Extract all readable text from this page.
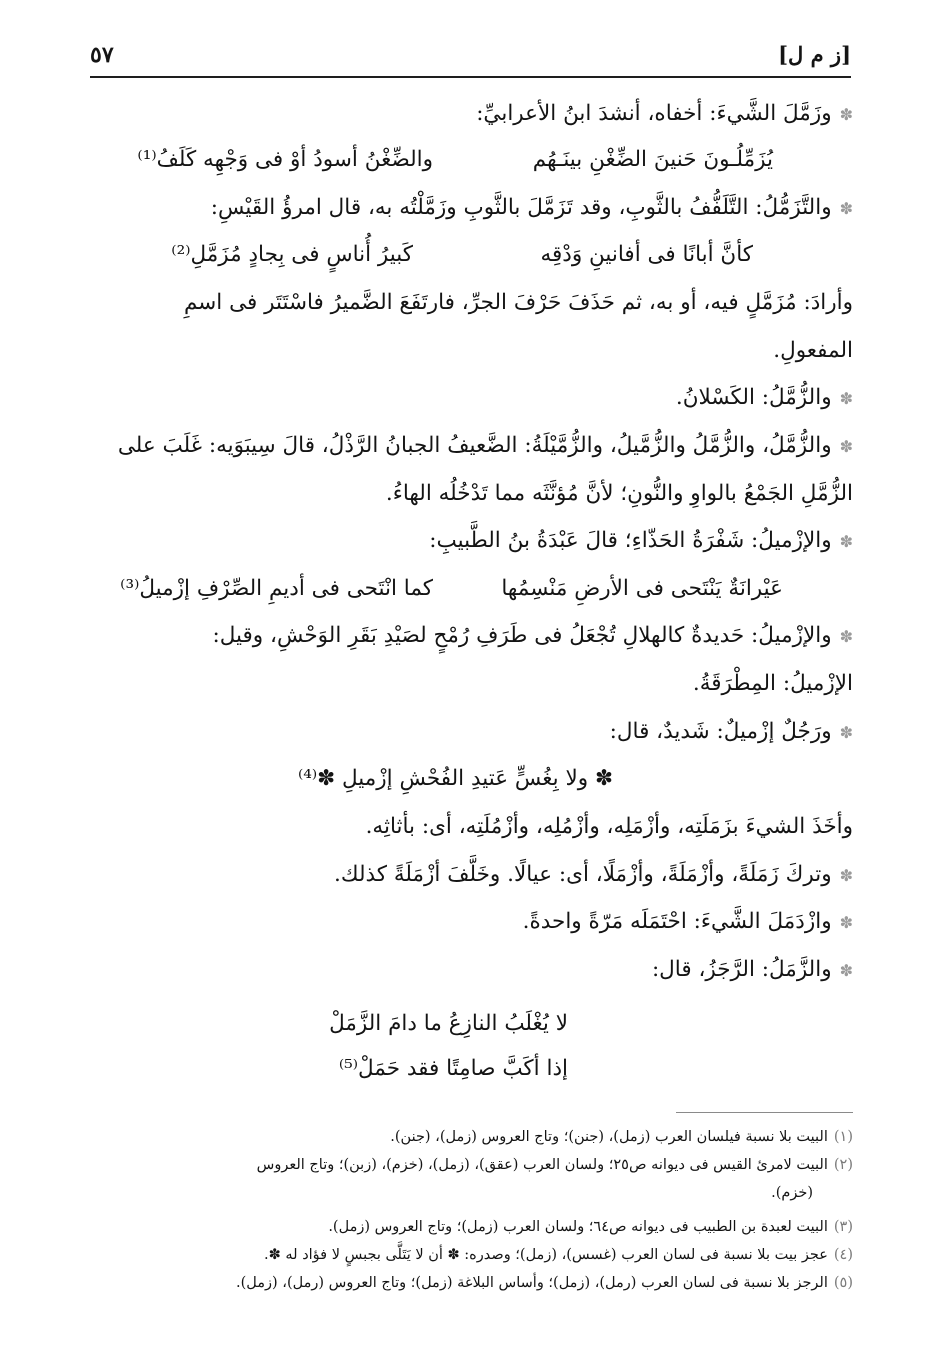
٥٧	[ز م ل]
✽وزَمَّلَ الشَّيءَ: أخفاه، أنشدَ ابنُ الأعرابيِّ:
والضِّغْنُ أسودُ أوْ فى وَجْهِه كَلَفُ⁽¹⁾	يُزَمِّلُـونَ حَنينَ الضِّغْنِ بينَـهُم
✽والتَّزَمُّلُ: التَّلَفُّفُ بالثَّوبِ، وقد تَزَمَّلَ بالثَّوبِ وزَمَّلْتُه به، قال امرؤُ القَيْسِ:
كَبيرُ أُناسٍ فى بِجادٍ مُزَمَّلِ⁽²⁾	كأنَّ أبانًا فى أفانينِ وَدْقِه
وأرادَ: مُزَمَّلٍ فيه، أو به، ثم حَذَفَ حَرْفَ الجرِّ، فارتَفَعَ الضَّميرُ فاسْتَتَر فى اسمِ
المفعولِ.
✽والزُّمَّلُ: الكَسْلانُ.
✽والزُّمَّلُ، والزُّمَّلُ والزُّمَّيلُ، والزُّمَّيْلَةُ: الضَّعيفُ الجبانُ الرَّذْلُ، قالَ سِيبَوَيه: غَلَبَ على
الزُّمَّلِ الجَمْعُ بالواوِ والنُّونِ؛ لأنَّ مُؤنَّثَه مما تَدْخُلُه الهاءُ.
✽والإزْميلُ: شَفْرَةُ الحَذّاءِ؛ قالَ عَبْدَةُ بنُ الطَّبيبِ:
كما انْتَحى فى أديمِ الصِّرْفِ إزْميلُ⁽³⁾	عَيْرانَةٌ يَنْتَحى فى الأرضِ مَنْسِمُها
✽والإزْميلُ: حَديدةٌ كالهلالِ تُجْعَلُ فى طَرَفِ رُمْحٍ لصَيْدِ بَقَرِ الوَحْشِ، وقيل:
الإزْميلُ: المِطْرَقَةُ.
✽ورَجُلٌ إزْميلٌ: شَديدٌ، قال:
✽ ولا بِغُسٍّ عَتيدِ الفُحْشِ إزْميلِ ✽⁽⁴⁾
وأخَذَ الشيءَ بزَمَلَتِه، وأزْمَلِه، وأزْمُلِه، وأزْمُلَتِه، أى: بأثاثِه.
✽وتركَ زَمَلَةً، وأزْمَلَةً، وأزْمَلًا، أى: عيالًا. وخَلَّفَ أزْمَلَةً كذلك.
✽وازْدَمَلَ الشَّيءَ: احْتَمَلَه مَرّةً واحدةً.
✽والزَّمَلُ: الرَّجَزُ، قال:
لا يُغْلَبُ النازِعُ ما دامَ الزَّمَلْ
إذا أكَبَّ صامِتًا فقد حَمَلْ⁽⁵⁾
(١)البيت بلا نسبة فيلسان العرب (زمل)، (جنن)؛ وتاج العروس (زمل)، (جنن).
(٢)البيت لامرئ القيس فى ديوانه ص٢٥؛ ولسان العرب (عقق)، (زمل)، (خزم)، (زبن)؛ وتاج العروس
(خزم).
(٣)البيت لعبدة بن الطبيب فى ديوانه ص٦٤؛ ولسان العرب (زمل)؛ وتاج العروس (زمل).
(٤)عجز بيت بلا نسبة فى لسان العرب (غسس)، (زمل)؛ وصدره: ✽ أن لا يَتَلَّى بجبسٍ لا فؤاد له ✽.
(٥)الرجز بلا نسبة فى لسان العرب (رمل)، (زمل)؛ وأساس البلاغة (زمل)؛ وتاج العروس (رمل)، (زمل).
